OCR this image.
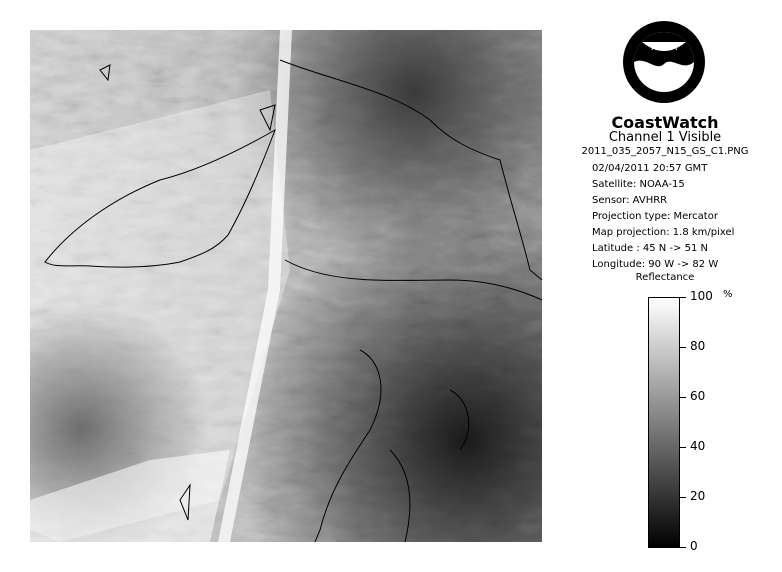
NOAA
CoastWatch
Channel 1 Visible
2011_035_2057_N15_GS_C1.PNG
02/04/2011 20:57 GMT
Satellite: NOAA-15
Sensor: AVHRR
Projection type: Mercator
Map projection: 1.8 km/pixel
Latitude : 45 N -> 51 N
Longitude: 90 W -> 82 W
Reflectance
%
100
80
60
40
20
0
